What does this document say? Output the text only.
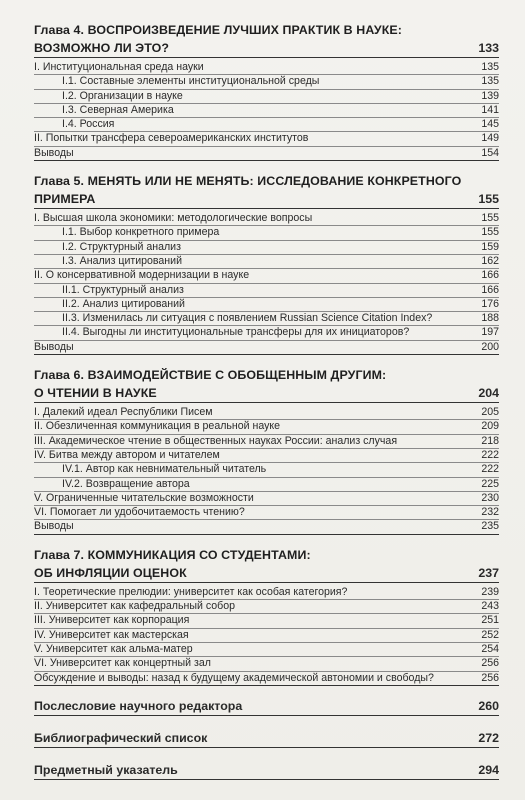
Глава 4. ВОСПРОИЗВЕДЕНИЕ ЛУЧШИХ ПРАКТИК В НАУКЕ:
ВОЗМОЖНО ЛИ ЭТО?	133
I. Институциональная среда науки	135
I.1. Составные элементы институциональной среды	135
I.2. Организации в науке	139
I.3. Северная Америка	141
I.4. Россия	145
II. Попытки трансфера североамериканских институтов	149
Выводы	154
Глава 5. МЕНЯТЬ ИЛИ НЕ МЕНЯТЬ: ИССЛЕДОВАНИЕ КОНКРЕТНОГО
ПРИМЕРА	155
I. Высшая школа экономики: методологические вопросы	155
I.1. Выбор конкретного примера	155
I.2. Структурный анализ	159
I.3. Анализ цитирований	162
II. О консервативной модернизации в науке	166
II.1. Структурный анализ	166
II.2. Анализ цитирований	176
II.3. Изменилась ли ситуация с появлением Russian Science Citation Index?	188
II.4. Выгодны ли институциональные трансферы для их инициаторов?	197
Выводы	200
Глава 6. ВЗАИМОДЕЙСТВИЕ С ОБОБЩЕННЫМ ДРУГИМ:
О ЧТЕНИИ В НАУКЕ	204
I. Далекий идеал Республики Писем	205
II. Обезличенная коммуникация в реальной науке	209
III. Академическое чтение в общественных науках России: анализ случая	218
IV. Битва между автором и читателем	222
IV.1. Автор как невнимательный читатель	222
IV.2. Возвращение автора	225
V. Ограниченные читательские возможности	230
VI. Помогает ли удобочитаемость чтению?	232
Выводы	235
Глава 7. КОММУНИКАЦИЯ СО СТУДЕНТАМИ:
ОБ ИНФЛЯЦИИ ОЦЕНОК	237
I. Теоретические прелюдии: университет как особая категория?	239
II. Университет как кафедральный собор	243
III. Университет как корпорация	251
IV. Университет как мастерская	252
V. Университет как альма-матер	254
VI. Университет как концертный зал	256
Обсуждение и выводы: назад к будущему академической автономии и свободы?	256
Послесловие научного редактора	260
Библиографический список	272
Предметный указатель	294
